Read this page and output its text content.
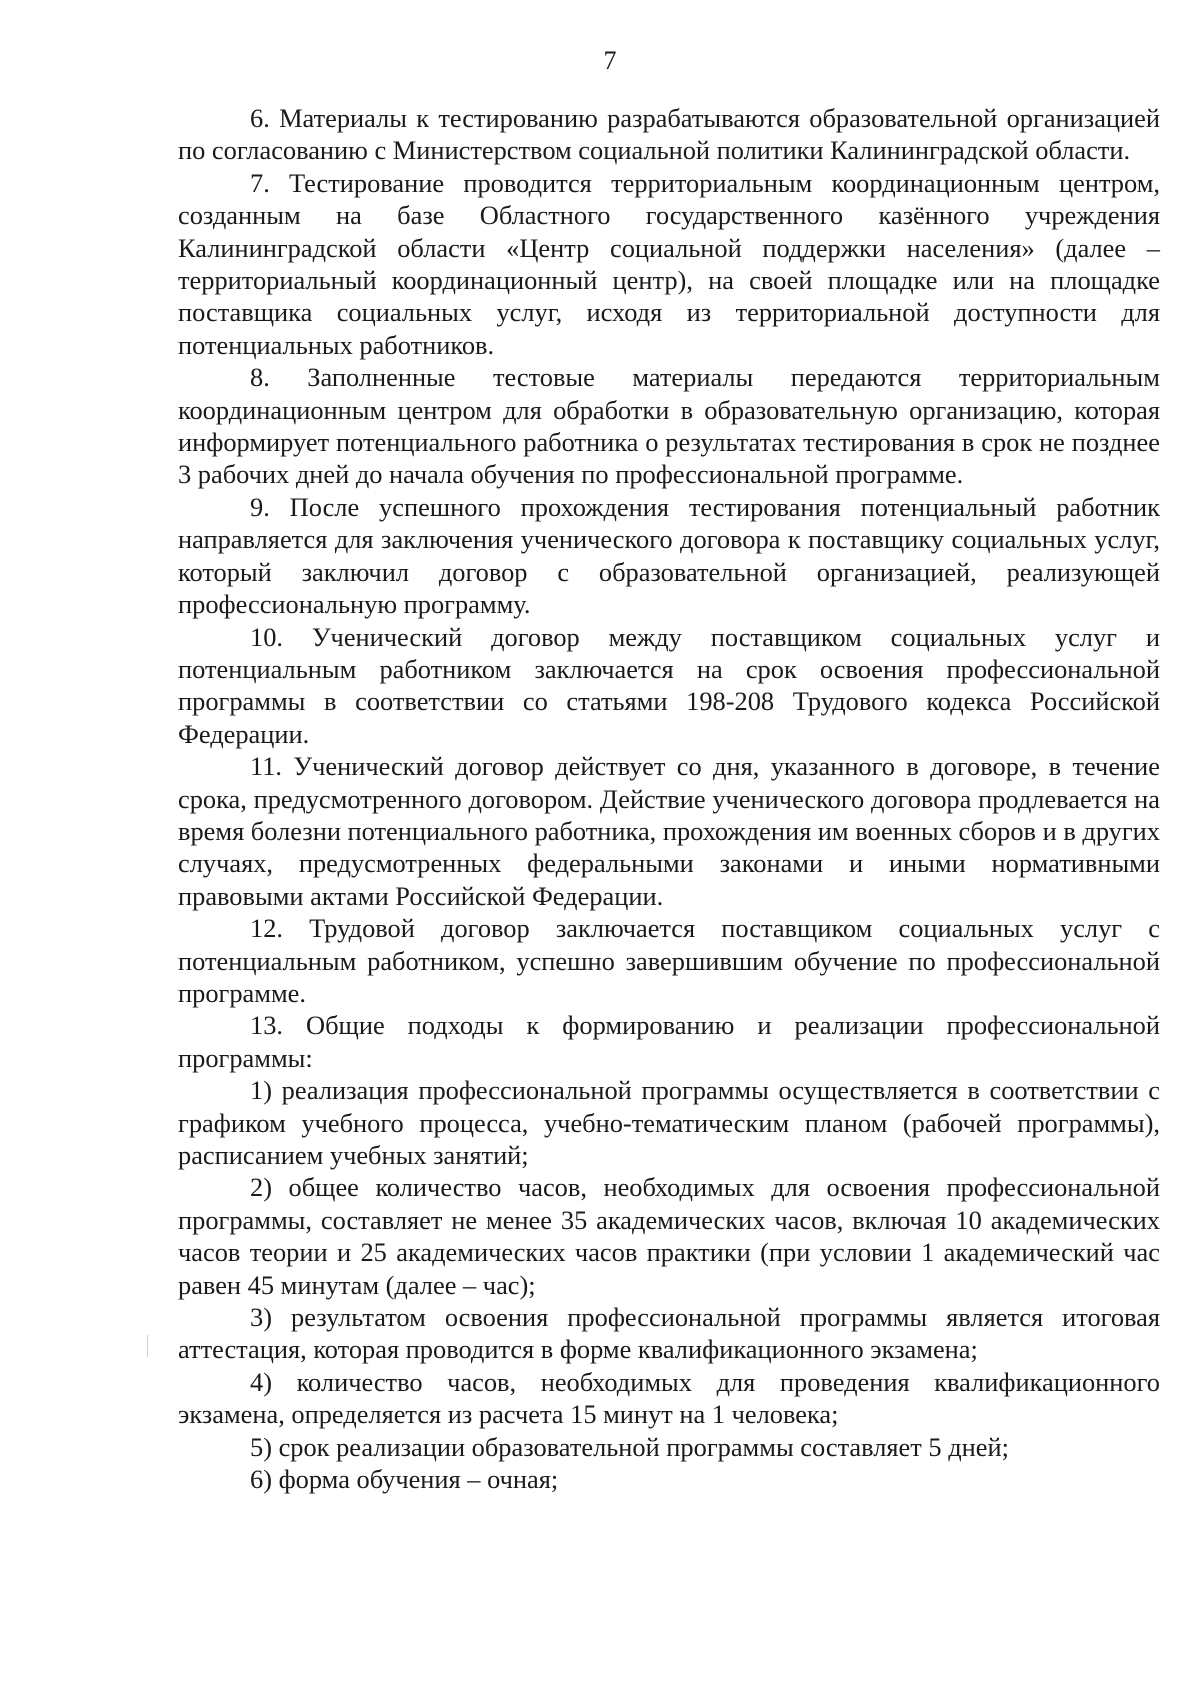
7

6. Материалы к тестированию разрабатываются образовательной организацией по согласованию с Министерством социальной политики Калининградской области.

7. Тестирование проводится территориальным координационным центром, созданным на базе Областного государственного казённого учреждения Калининградской области «Центр социальной поддержки населения» (далее – территориальный координационный центр), на своей площадке или на площадке поставщика социальных услуг, исходя из территориальной доступности для потенциальных работников.

8. Заполненные тестовые материалы передаются территориальным координационным центром для обработки в образовательную организацию, которая информирует потенциального работника о результатах тестирования в срок не позднее 3 рабочих дней до начала обучения по профессиональной программе.

9. После успешного прохождения тестирования потенциальный работник направляется для заключения ученического договора к поставщику социальных услуг, который заключил договор с образовательной организацией, реализующей профессиональную программу.

10. Ученический договор между поставщиком социальных услуг и потенциальным работником заключается на срок освоения профессиональной программы в соответствии со статьями 198-208 Трудового кодекса Российской Федерации.

11. Ученический договор действует со дня, указанного в договоре, в течение срока, предусмотренного договором. Действие ученического договора продлевается на время болезни потенциального работника, прохождения им военных сборов и в других случаях, предусмотренных федеральными законами и иными нормативными правовыми актами Российской Федерации.

12. Трудовой договор заключается поставщиком социальных услуг с потенциальным работником, успешно завершившим обучение по профессиональной программе.

13. Общие подходы к формированию и реализации профессиональной программы:

1) реализация профессиональной программы осуществляется в соответствии с графиком учебного процесса, учебно-тематическим планом (рабочей программы), расписанием учебных занятий;

2) общее количество часов, необходимых для освоения профессиональной программы, составляет не менее 35 академических часов, включая 10 академических часов теории и 25 академических часов практики (при условии 1 академический час равен 45 минутам (далее – час);

3) результатом освоения профессиональной программы является итоговая аттестация, которая проводится в форме квалификационного экзамена;

4) количество часов, необходимых для проведения квалификационного экзамена, определяется из расчета 15 минут на 1 человека;

5) срок реализации образовательной программы составляет 5 дней;

6) форма обучения – очная;
